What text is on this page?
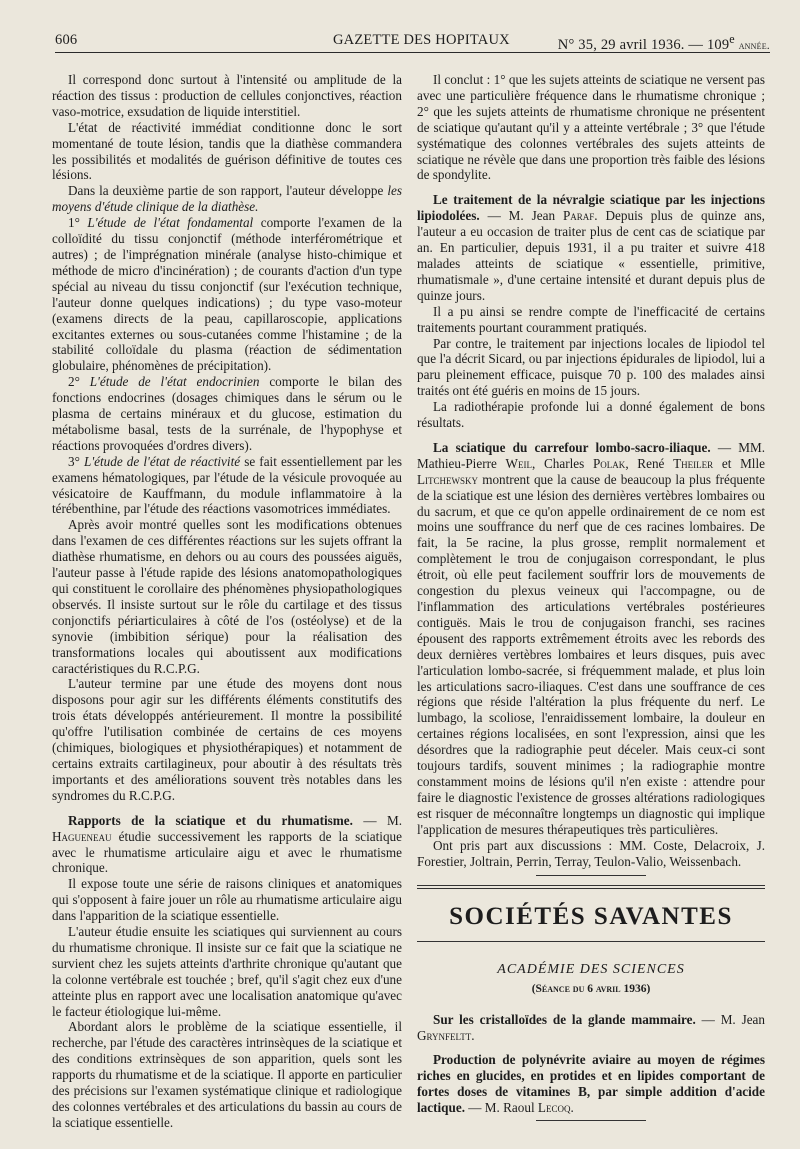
606	GAZETTE DES HOPITAUX	N° 35, 29 avril 1936. — 109e année.

Il correspond donc surtout à l'intensité ou amplitude de la réaction des tissus : production de cellules conjonctives, réaction vaso-motrice, exsudation de liquide interstitiel.

L'état de réactivité immédiat conditionne donc le sort momentané de toute lésion, tandis que la diathèse commandera les possibilités et modalités de guérison définitive de toutes ces lésions.

Dans la deuxième partie de son rapport, l'auteur développe les moyens d'étude clinique de la diathèse.

1° L'étude de l'état fondamental comporte l'examen de la colloïdité du tissu conjonctif (méthode interférométrique et autres) ; de l'imprégnation minérale (analyse histo-chimique et méthode de micro d'incinération) ; de courants d'action d'un type spécial au niveau du tissu conjonctif (sur l'exécution technique, l'auteur donne quelques indications) ; du type vaso-moteur (examens directs de la peau, capillaroscopie, applications excitantes externes ou sous-cutanées comme l'histamine ; de la stabilité colloïdale du plasma (réaction de sédimentation globulaire, phénomènes de précipitation).

2° L'étude de l'état endocrinien comporte le bilan des fonctions endocrines (dosages chimiques dans le sérum ou le plasma de certains minéraux et du glucose, estimation du métabolisme basal, tests de la surrénale, de l'hypophyse et réactions provoquées d'ordres divers).

3° L'étude de l'état de réactivité se fait essentiellement par les examens hématologiques, par l'étude de la vésicule provoquée au vésicatoire de Kauffmann, du module inflammatoire à la térébenthine, par l'étude des réactions vasomotrices immédiates.

Après avoir montré quelles sont les modifications obtenues dans l'examen de ces différentes réactions sur les sujets offrant la diathèse rhumatisme, en dehors ou au cours des poussées aiguës, l'auteur passe à l'étude rapide des lésions anatomopathologiques qui constituent le corollaire des phénomènes physiopathologiques observés. Il insiste surtout sur le rôle du cartilage et des tissus conjonctifs périarticulaires à côté de l'os (ostéolyse) et de la synovie (imbibition sérique) pour la réalisation des transformations locales qui aboutissent aux modifications caractéristiques du R.C.P.G.

L'auteur termine par une étude des moyens dont nous disposons pour agir sur les différents éléments constitutifs des trois états développés antérieurement. Il montre la possibilité qu'offre l'utilisation combinée de certains de ces moyens (chimiques, biologiques et physiothérapiques) et notamment de certains extraits cartilagineux, pour aboutir à des résultats très importants et des améliorations souvent très notables dans les syndromes du R.C.P.G.

Rapports de la sciatique et du rhumatisme. — M. Hagueneau étudie successivement les rapports de la sciatique avec le rhumatisme articulaire aigu et avec le rhumatisme chronique.

Il expose toute une série de raisons cliniques et anatomiques qui s'opposent à faire jouer un rôle au rhumatisme articulaire aigu dans l'apparition de la sciatique essentielle.

L'auteur étudie ensuite les sciatiques qui surviennent au cours du rhumatisme chronique. Il insiste sur ce fait que la sciatique ne survient chez les sujets atteints d'arthrite chronique qu'autant que la colonne vertébrale est touchée ; bref, qu'il s'agit chez eux d'une atteinte plus en rapport avec une localisation anatomique qu'avec le facteur étiologique lui-même.

Abordant alors le problème de la sciatique essentielle, il recherche, par l'étude des caractères intrinsèques de la sciatique et des conditions extrinsèques de son apparition, quels sont les rapports du rhumatisme et de la sciatique. Il apporte en particulier des précisions sur l'examen systématique clinique et radiologique des colonnes vertébrales et des articulations du bassin au cours de la sciatique essentielle.

Il conclut : 1° que les sujets atteints de sciatique ne versent pas avec une particulière fréquence dans le rhumatisme chronique ; 2° que les sujets atteints de rhumatisme chronique ne présentent de sciatique qu'autant qu'il y a atteinte vertébrale ; 3° que l'étude systématique des colonnes vertébrales des sujets atteints de sciatique ne révèle que dans une proportion très faible des lésions de spondylite.

Le traitement de la névralgie sciatique par les injections lipiodolées. — M. Jean Paraf. Depuis plus de quinze ans, l'auteur a eu occasion de traiter plus de cent cas de sciatique par an. En particulier, depuis 1931, il a pu traiter et suivre 418 malades atteints de sciatique « essentielle, primitive, rhumatismale », d'une certaine intensité et durant depuis plus de quinze jours.

Il a pu ainsi se rendre compte de l'inefficacité de certains traitements pourtant couramment pratiqués.

Par contre, le traitement par injections locales de lipiodol tel que l'a décrit Sicard, ou par injections épidurales de lipiodol, lui a paru pleinement efficace, puisque 70 p. 100 des malades ainsi traités ont été guéris en moins de 15 jours.

La radiothérapie profonde lui a donné également de bons résultats.

La sciatique du carrefour lombo-sacro-iliaque. — MM. Mathieu-Pierre Weil, Charles Polak, René Theiler et Mlle Litchewsky montrent que la cause de beaucoup la plus fréquente de la sciatique est une lésion des dernières vertèbres lombaires ou du sacrum, et que ce qu'on appelle ordinairement de ce nom est moins une souffrance du nerf que de ces racines lombaires. De fait, la 5e racine, la plus grosse, remplit normalement et complètement le trou de conjugaison correspondant, le plus étroit, où elle peut facilement souffrir lors de mouvements de congestion du plexus veineux qui l'accompagne, ou de l'inflammation des articulations vertébrales postérieures contiguës. Mais le trou de conjugaison franchi, ses racines épousent des rapports extrêmement étroits avec les rebords des deux dernières vertèbres lombaires et leurs disques, puis avec l'articulation lombo-sacrée, si fréquemment malade, et plus loin les articulations sacro-iliaques. C'est dans une souffrance de ces régions que réside l'altération la plus fréquente du nerf. Le lumbago, la scoliose, l'enraidissement lombaire, la douleur en certaines régions localisées, en sont l'expression, ainsi que les désordres que la radiographie peut déceler. Mais ceux-ci sont toujours tardifs, souvent minimes ; la radiographie montre constamment moins de lésions qu'il n'en existe : attendre pour faire le diagnostic l'existence de grosses altérations radiologiques est risquer de méconnaître longtemps un diagnostic qui implique l'application de mesures thérapeutiques très particulières.

Ont pris part aux discussions : MM. Coste, Delacroix, J. Forestier, Joltrain, Perrin, Terray, Teulon-Valio, Weissenbach.

SOCIÉTÉS SAVANTES
ACADÉMIE DES SCIENCES
(Séance du 6 avril 1936)

Sur les cristalloïdes de la glande mammaire. — M. Jean Grynfeltt.

Production de polynévrite aviaire au moyen de régimes riches en glucides, en protides et en lipides comportant de fortes doses de vitamines B, par simple addition d'acide lactique. — M. Raoul Lecoq.
